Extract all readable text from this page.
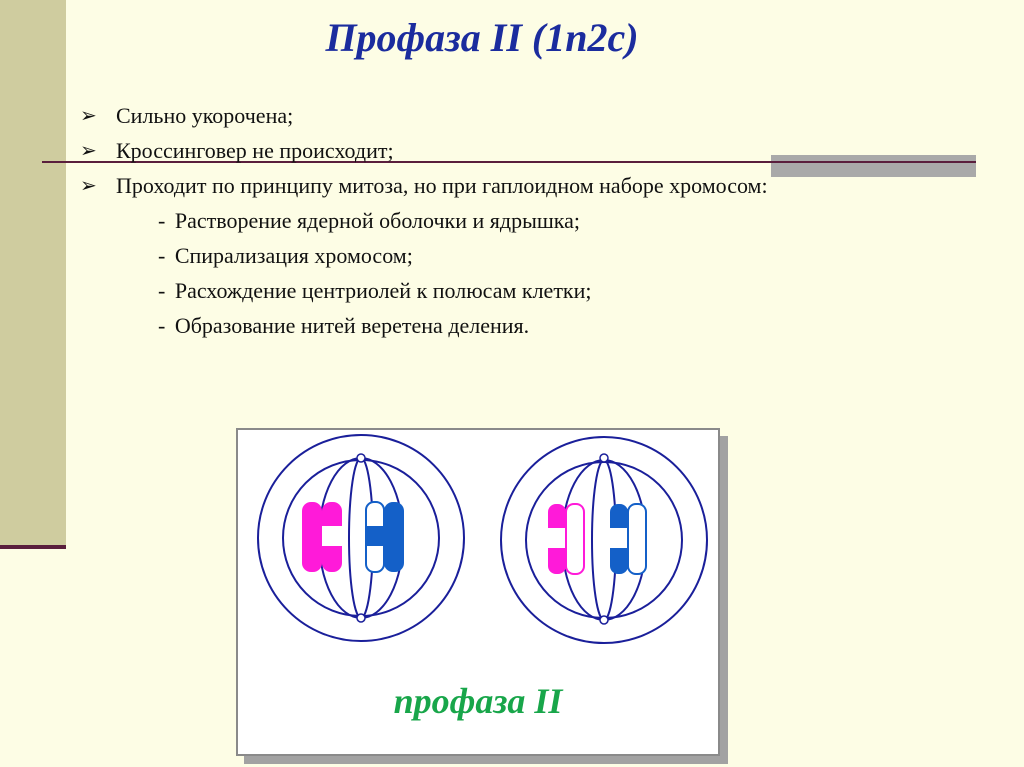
Профаза II (1n2c)
➢ Сильно укорочена;
➢ Кроссинговер не происходит;
➢ Проходит по принципу митоза, но при гаплоидном наборе хромосом:
- Растворение ядерной оболочки и ядрышка;
- Спирализация хромосом;
- Расхождение центриолей к полюсам клетки;
- Образование нитей веретена деления.
профаза II
